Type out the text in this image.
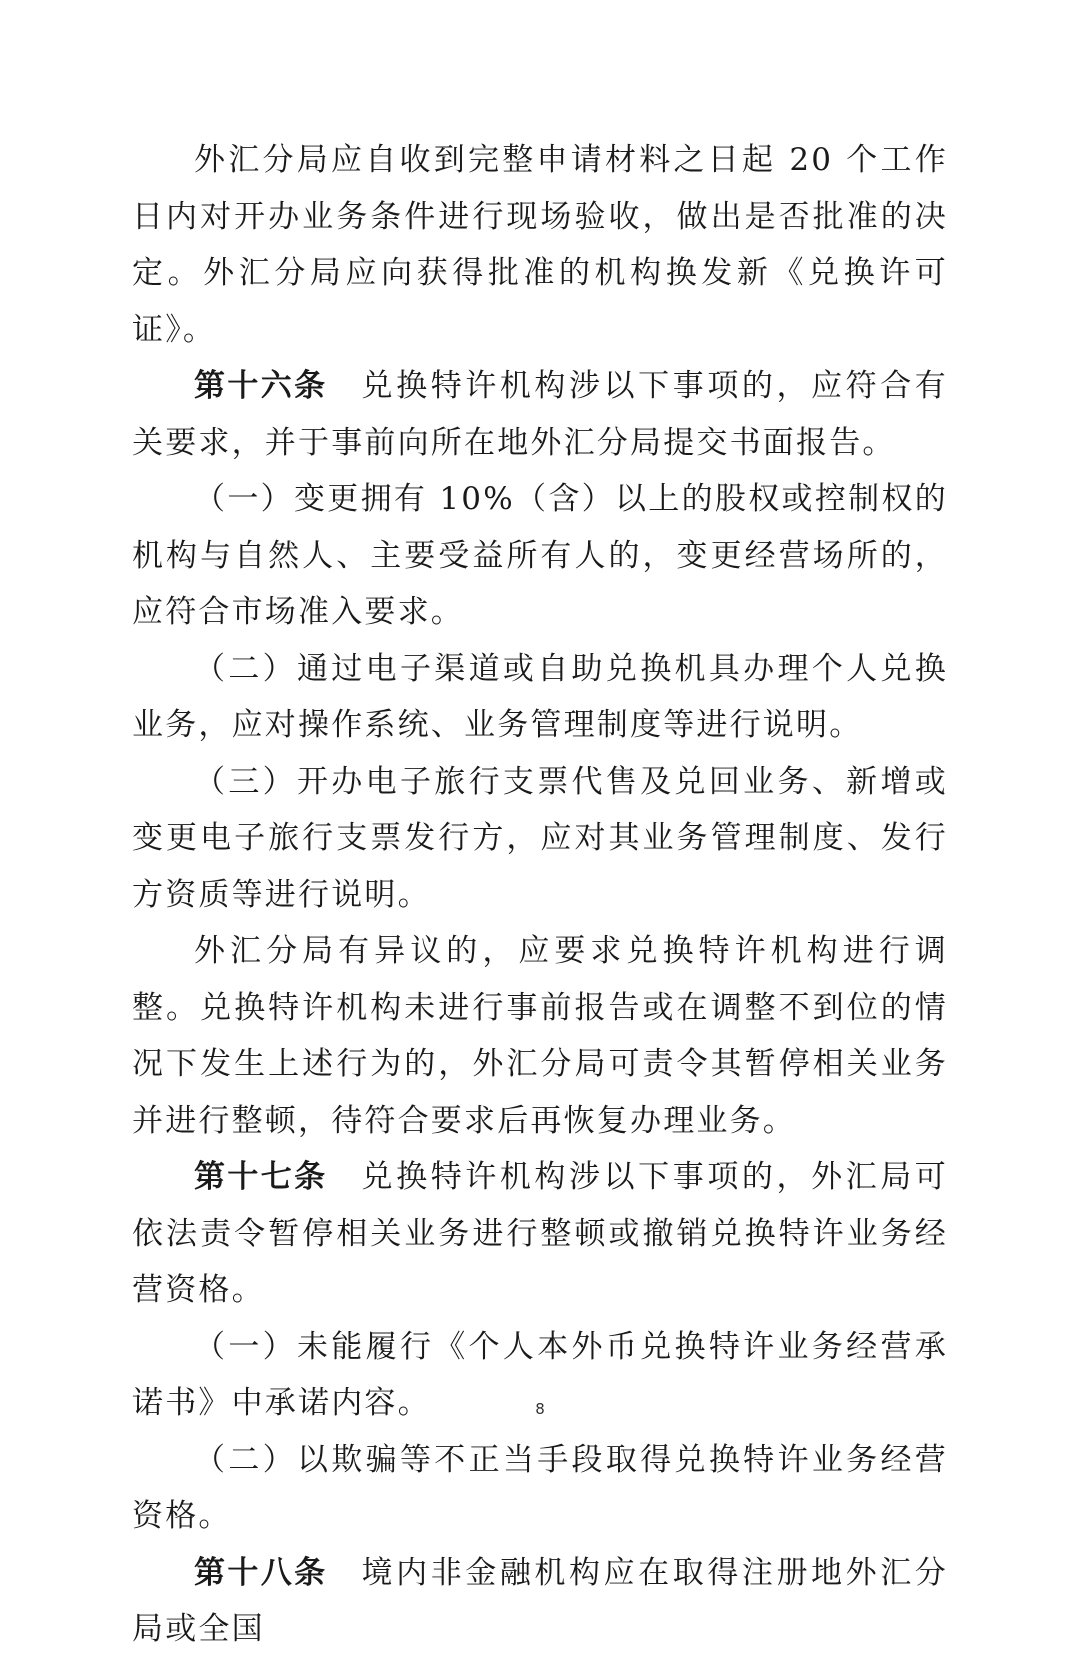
外汇分局应自收到完整申请材料之日起 20 个工作日内对开办业务条件进行现场验收，做出是否批准的决定。外汇分局应向获得批准的机构换发新《兑换许可证》。

第十六条 兑换特许机构涉以下事项的，应符合有关要求，并于事前向所在地外汇分局提交书面报告。

（一）变更拥有 10%（含）以上的股权或控制权的机构与自然人、主要受益所有人的，变更经营场所的，应符合市场准入要求。

（二）通过电子渠道或自助兑换机具办理个人兑换业务，应对操作系统、业务管理制度等进行说明。

（三）开办电子旅行支票代售及兑回业务、新增或变更电子旅行支票发行方，应对其业务管理制度、发行方资质等进行说明。

外汇分局有异议的，应要求兑换特许机构进行调整。兑换特许机构未进行事前报告或在调整不到位的情况下发生上述行为的，外汇分局可责令其暂停相关业务并进行整顿，待符合要求后再恢复办理业务。

第十七条 兑换特许机构涉以下事项的，外汇局可依法责令暂停相关业务进行整顿或撤销兑换特许业务经营资格。

（一）未能履行《个人本外币兑换特许业务经营承诺书》中承诺内容。

（二）以欺骗等不正当手段取得兑换特许业务经营资格。

第十八条 境内非金融机构应在取得注册地外汇分局或全国

8
